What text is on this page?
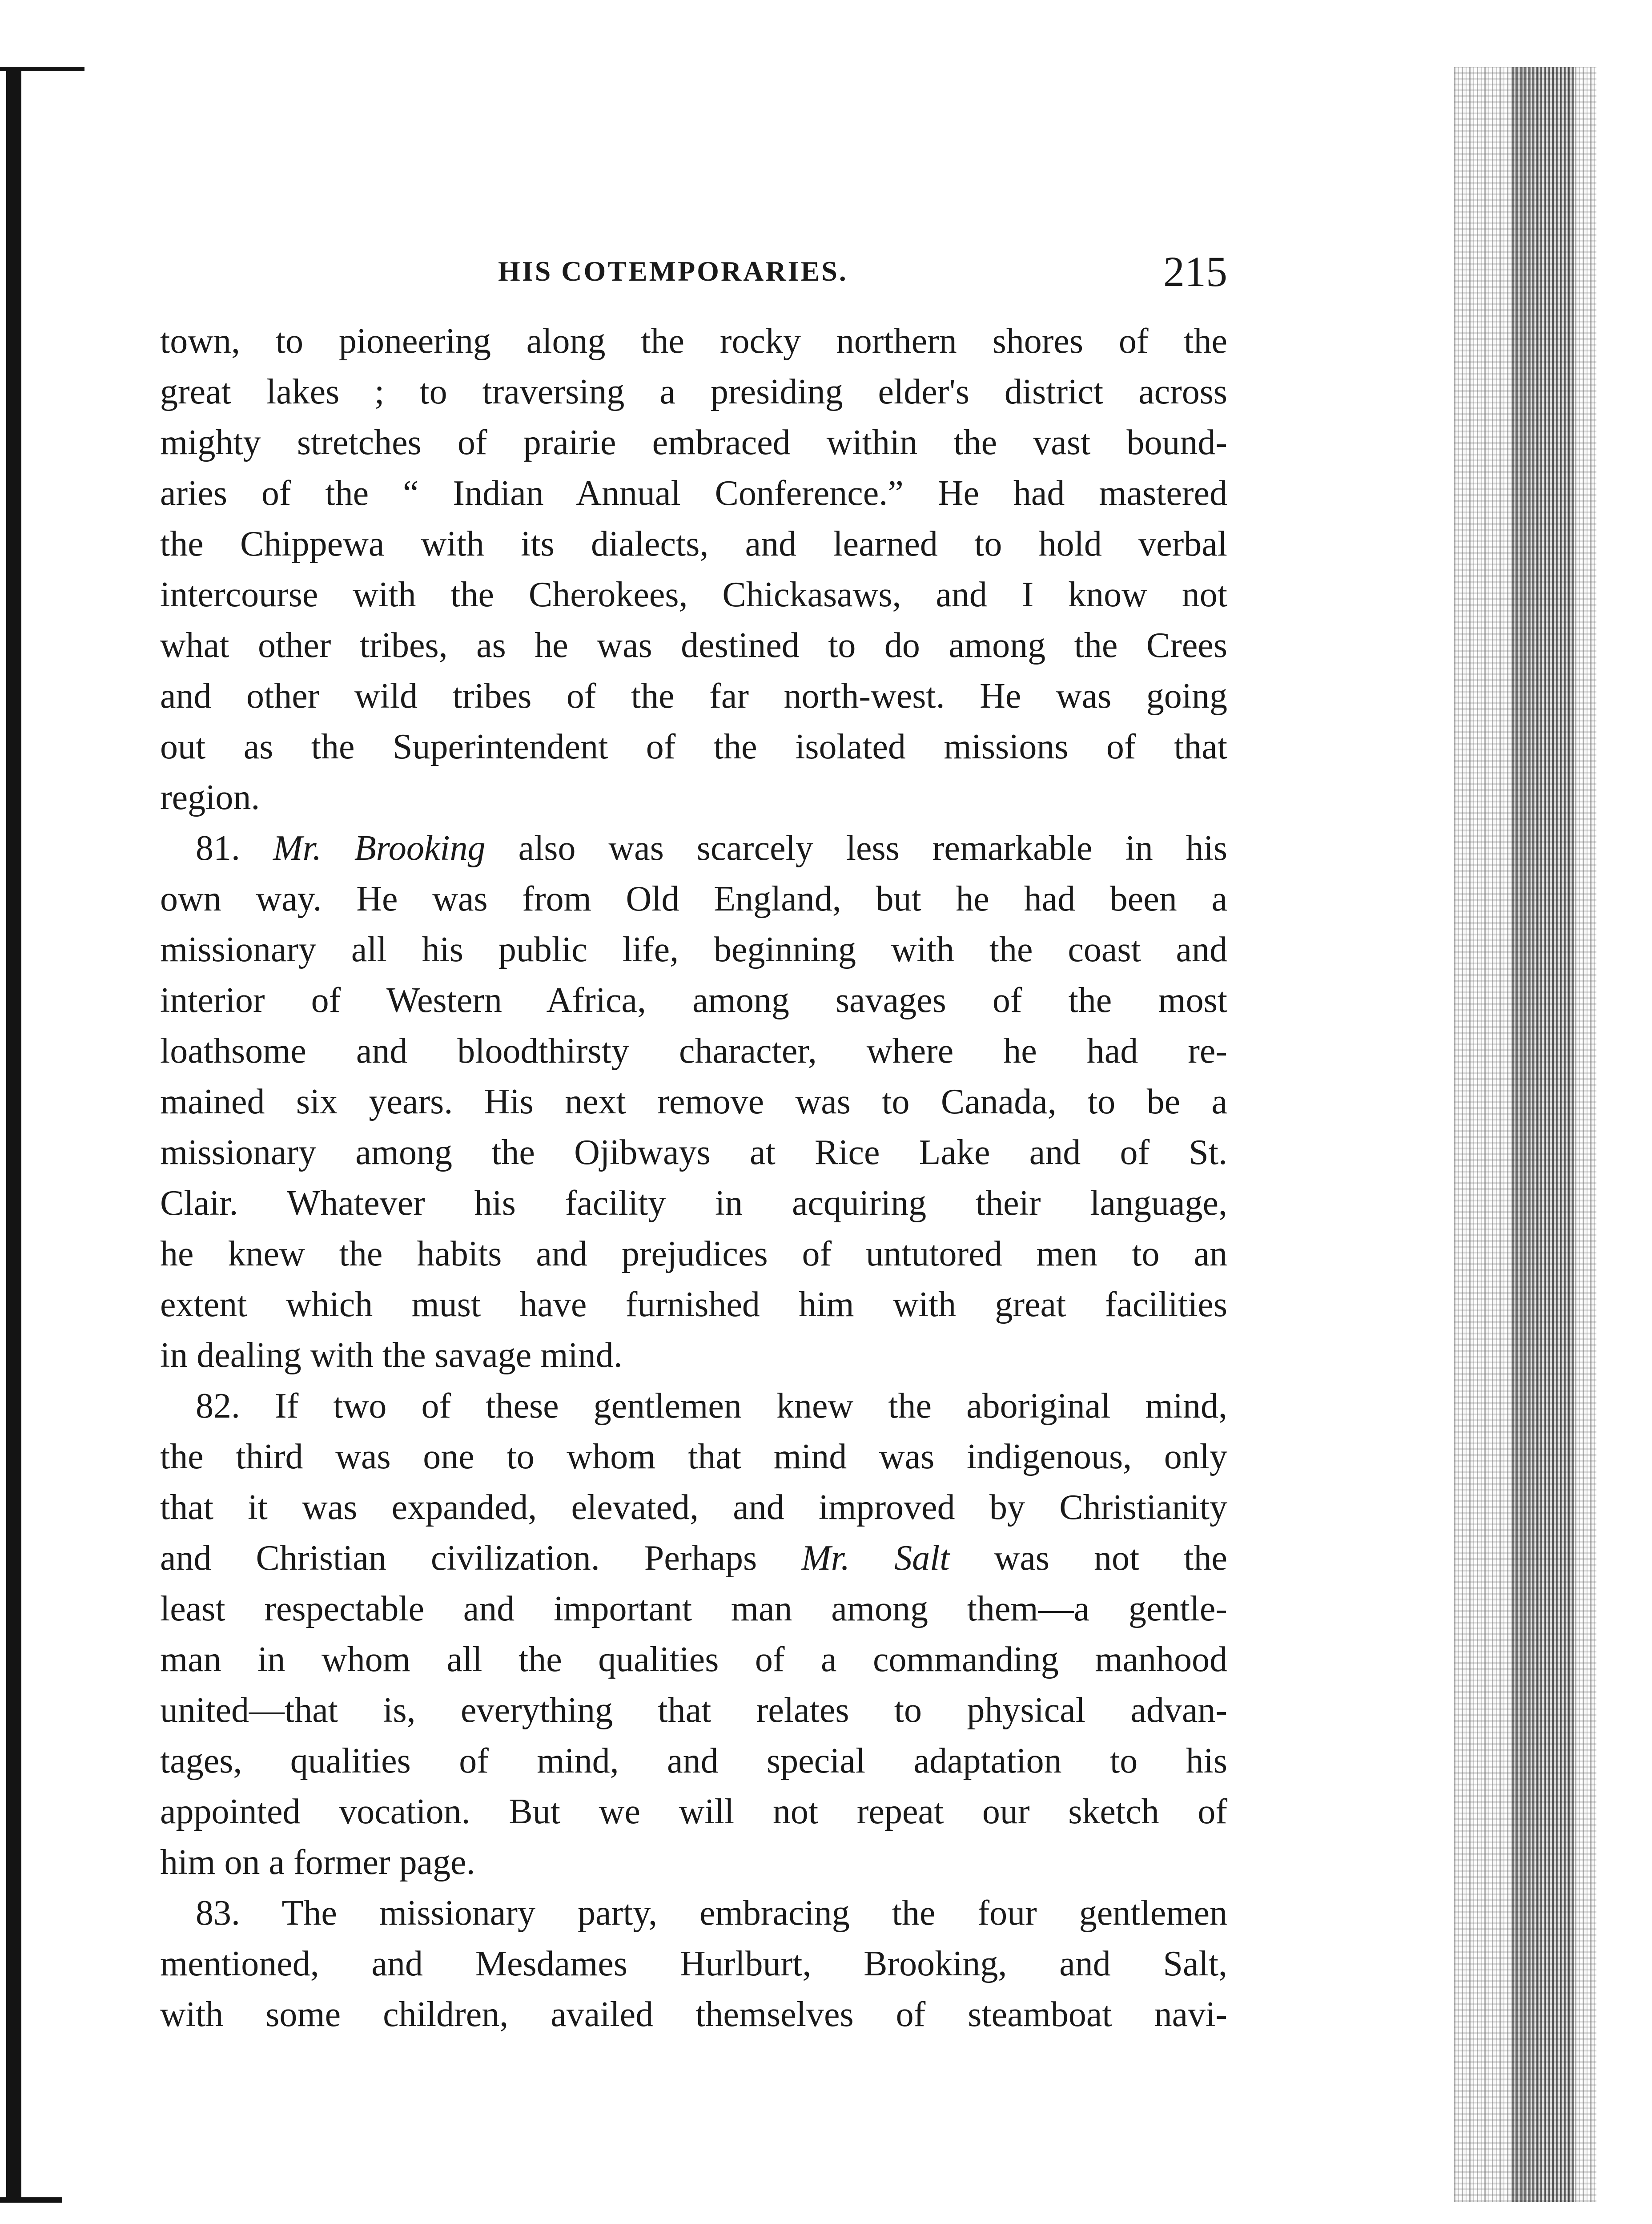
HIS COTEMPORARIES.	215

town, to pioneering along the rocky northern shores of the
great lakes ; to traversing a presiding elder's district across
mighty stretches of prairie embraced within the vast bound-
aries of the “ Indian Annual Conference.” He had mastered
the Chippewa with its dialects, and learned to hold verbal
intercourse with the Cherokees, Chickasaws, and I know not
what other tribes, as he was destined to do among the Crees
and other wild tribes of the far north-west. He was going
out as the Superintendent of the isolated missions of that
region.

81. Mr. Brooking also was scarcely less remarkable in his
own way. He was from Old England, but he had been a
missionary all his public life, beginning with the coast and
interior of Western Africa, among savages of the most
loathsome and bloodthirsty character, where he had re-
mained six years. His next remove was to Canada, to be a
missionary among the Ojibways at Rice Lake and of St.
Clair. Whatever his facility in acquiring their language,
he knew the habits and prejudices of untutored men to an
extent which must have furnished him with great facilities
in dealing with the savage mind.

82. If two of these gentlemen knew the aboriginal mind,
the third was one to whom that mind was indigenous, only
that it was expanded, elevated, and improved by Christianity
and Christian civilization. Perhaps Mr. Salt was not the
least respectable and important man among them—a gentle-
man in whom all the qualities of a commanding manhood
united—that is, everything that relates to physical advan-
tages, qualities of mind, and special adaptation to his
appointed vocation. But we will not repeat our sketch of
him on a former page.

83. The missionary party, embracing the four gentlemen
mentioned, and Mesdames Hurlburt, Brooking, and Salt,
with some children, availed themselves of steamboat navi-
